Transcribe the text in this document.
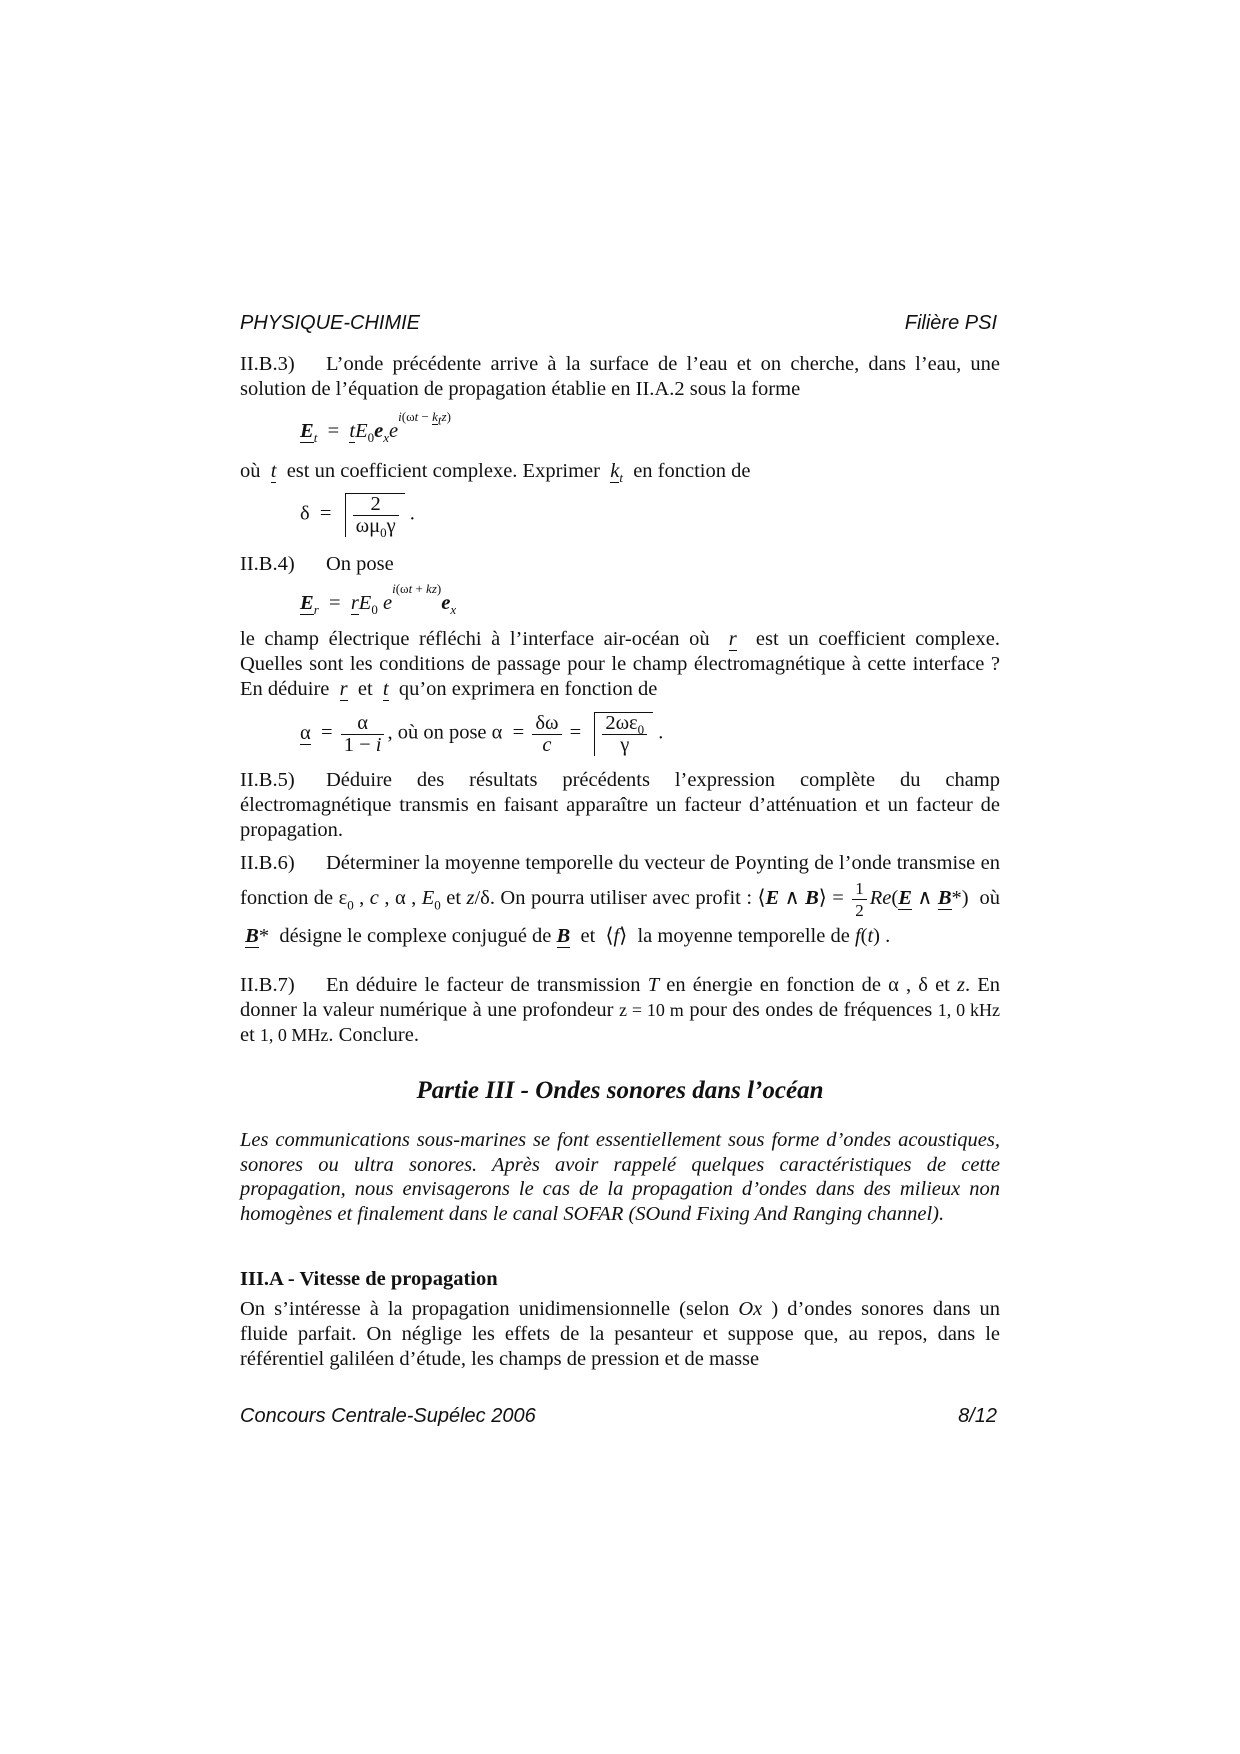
PHYSIQUE-CHIMIE	Filière PSI
II.B.3) L’onde précédente arrive à la surface de l’eau et on cherche, dans l’eau, une solution de l’équation de propagation établie en II.A.2 sous la forme
$E_t = tE_0e_xe^{i(\omega t - k_tz)}$
où t est un coefficient complexe. Exprimer $k_t$ en fonction de
$\delta = \frac{2}{\omega\mu_0\gamma}$ .
II.B.4) On pose
$E_r = rE_0$ $e^{i(\omega t + kz)}e_x$
le champ électrique réfléchi à l’interface air-océan où r est un coefficient complexe. Quelles sont les conditions de passage pour le champ électromagnétique à cette interface ? En déduire r et t qu’on exprimera en fonction de
$\alpha = \frac{\alpha}{1 - i}$ , où on pose $\alpha = \frac{\delta\omega}{c} = \frac{2\omega\varepsilon_0}{\gamma}$ .
II.B.5) Déduire des résultats précédents l’expression complète du champ électromagnétique transmis en faisant apparaître un facteur d’atténuation et un facteur de propagation.
II.B.6) Déterminer la moyenne temporelle du vecteur de Poynting de l’onde transmise en fonction de $\varepsilon_0$ , c , α , $E_0$ et z/δ. On pourra utiliser avec profit : ⟨E ∧ B⟩ = $\frac{1}{2} Re(E$ ∧ B*)  où  B*  désigne le complexe conjugué de B et  ⟨f⟩  la moyenne temporelle de f(t) .
II.B.7) En déduire le facteur de transmission T en énergie en fonction de α , δ et z. En donner la valeur numérique à une profondeur z = 10 m pour des ondes de fréquences 1, 0 kHz et 1, 0 MHz. Conclure.
Partie III - Ondes sonores dans l’océan
Les communications sous-marines se font essentiellement sous forme d’ondes acoustiques, sonores ou ultra sonores. Après avoir rappelé quelques caractéristiques de cette propagation, nous envisagerons le cas de la propagation d’ondes dans des milieux non homogènes et finalement dans le canal SOFAR (SOund Fixing And Ranging channel).
III.A - Vitesse de propagation
On s’intéresse à la propagation unidimensionnelle (selon Ox ) d’ondes sonores dans un fluide parfait. On néglige les effets de la pesanteur et suppose que, au repos, dans le référentiel galiléen d’étude, les champs de pression et de masse
Concours Centrale-Supélec 2006	8/12
